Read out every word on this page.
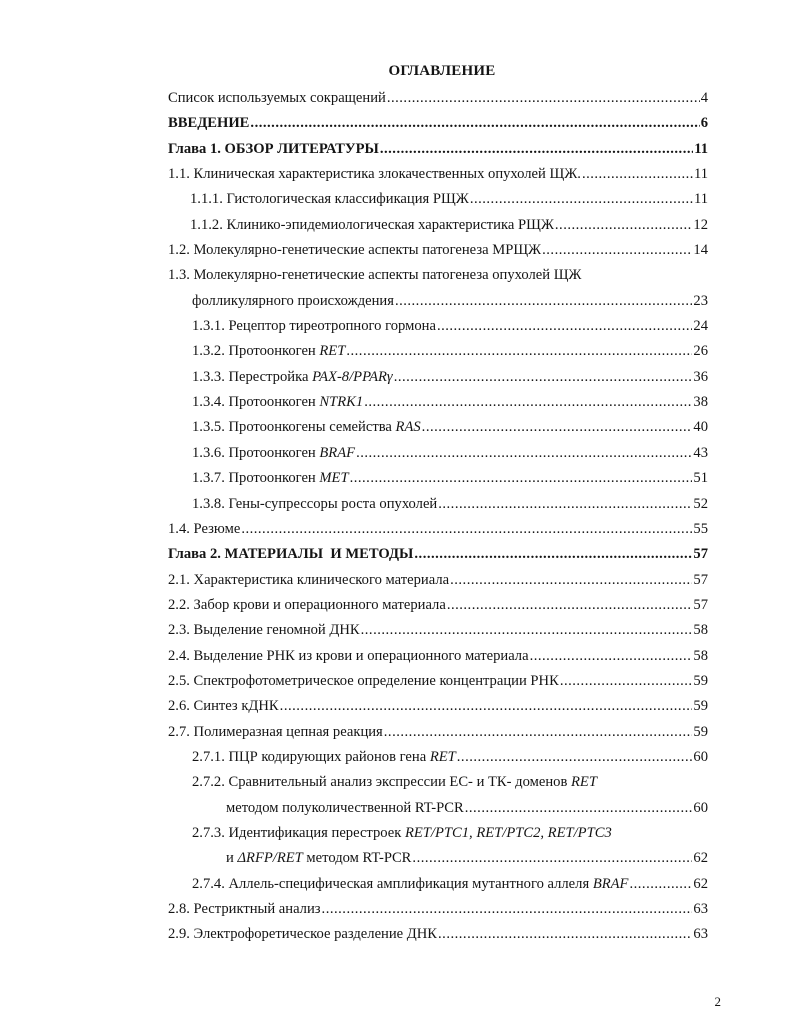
ОГЛАВЛЕНИЕ
Список используемых сокращений .....	4
ВВЕДЕНИЕ .....	6
Глава 1. ОБЗОР ЛИТЕРАТУРЫ .....	11
1.1. Клиническая характеристика злокачественных опухолей ЩЖ. .....	11
1.1.1. Гистологическая классификация РЩЖ .....	11
1.1.2. Клинико-эпидемиологическая характеристика РЩЖ .....	12
1.2. Молекулярно-генетические аспекты патогенеза МРЩЖ .....	14
1.3. Молекулярно-генетические аспекты патогенеза опухолей ЩЖ
фолликулярного происхождения .....	23
1.3.1. Рецептор тиреотропного гормона .....	24
1.3.2. Протоонкоген RET .....	26
1.3.3. Перестройка PAX-8/PPARγ .....	36
1.3.4. Протоонкоген NTRK1 .....	38
1.3.5. Протоонкогены семейства RAS .....	40
1.3.6. Протоонкоген BRAF .....	43
1.3.7. Протоонкоген MET .....	51
1.3.8. Гены-супрессоры роста опухолей .....	52
1.4. Резюме .....	55
Глава 2. МАТЕРИАЛЫ  И МЕТОДЫ .....	57
2.1. Характеристика клинического материала .....	57
2.2. Забор крови и операционного материала .....	57
2.3. Выделение геномной ДНК .....	58
2.4. Выделение РНК из крови и операционного материала .....	58
2.5. Спектрофотометрическое определение концентрации РНК .....	59
2.6. Синтез кДНК .....	59
2.7. Полимеразная цепная реакция .....	59
2.7.1. ПЦР кодирующих районов гена RET .....	60
2.7.2. Сравнительный анализ экспрессии ЕС- и ТК- доменов RET
методом полуколичественной RT-PCR .....	60
2.7.3. Идентификация перестроек RET/PTC1, RET/PTC2, RET/PTC3
и ΔRFP/RET методом RT-PCR .....	62
2.7.4. Аллель-специфическая амплификация мутантного аллеля BRAF .....	62
2.8. Рестриктный анализ .....	63
2.9. Электрофоретическое разделение ДНК .....	63
2
